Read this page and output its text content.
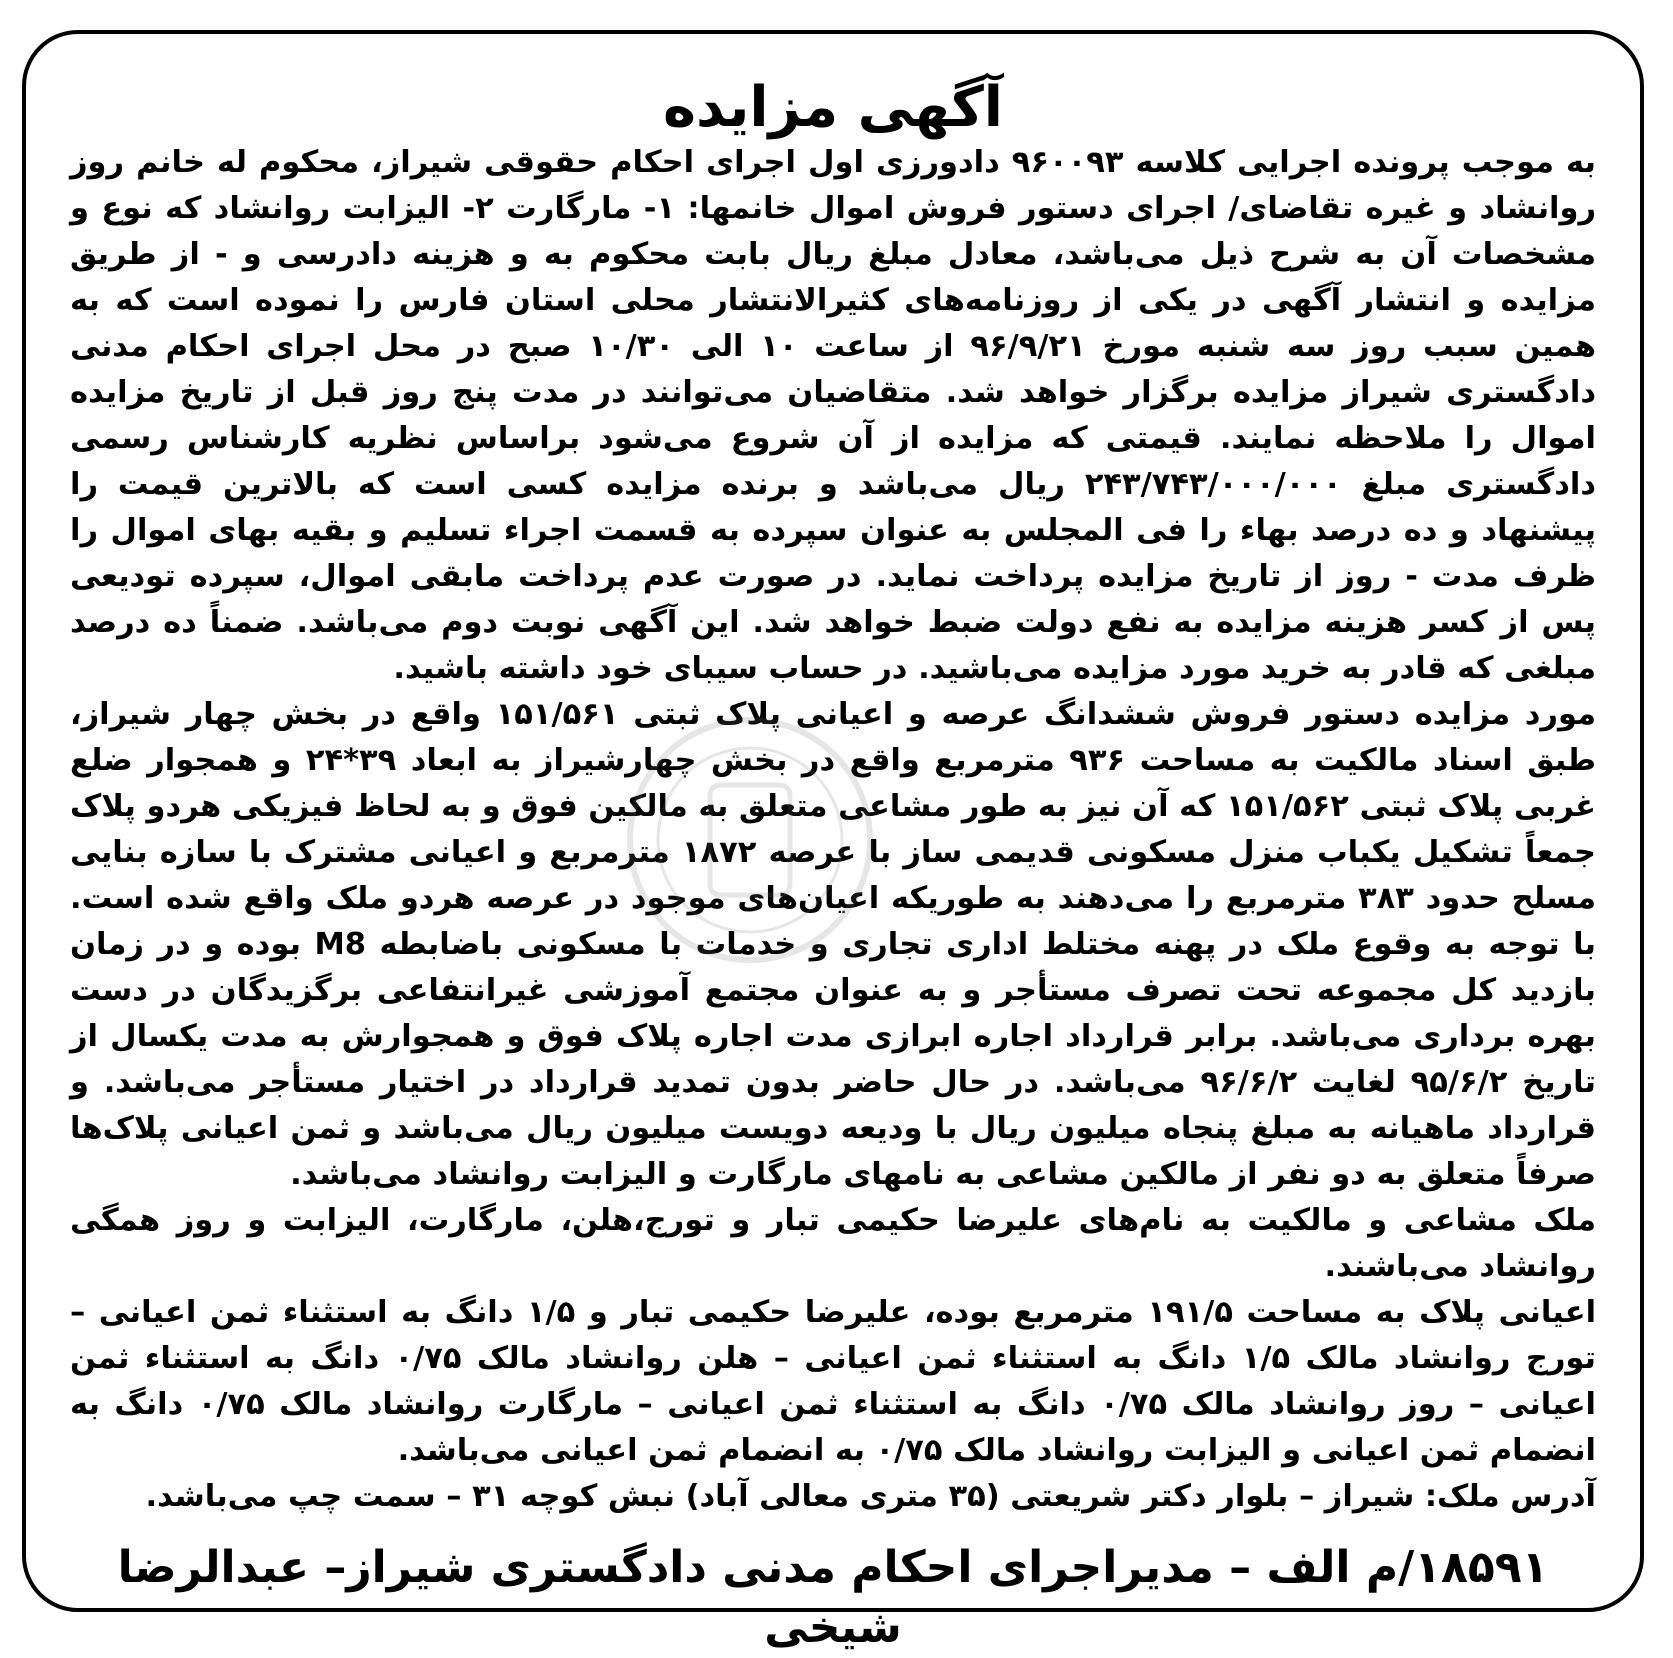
آگهی مزایده

به موجب پرونده اجرایی کلاسه ۹۶۰۰۹۳ دادورزی اول اجرای احکام حقوقی شیراز، محکوم له خانم روز روانشاد و غیره تقاضای/ اجرای دستور فروش اموال خانمها: ۱- مارگارت ۲- الیزابت روانشاد که نوع و مشخصات آن به شرح ذیل می‌باشد، معادل مبلغ ریال بابت محکوم به و هزینه دادرسی و - از طریق مزایده و انتشار آگهی در یکی از روزنامه‌های کثیرالانتشار محلی استان فارس را نموده است که به همین سبب روز سه شنبه مورخ ۹۶/۹/۲۱ از ساعت ۱۰ الی ۱۰/۳۰ صبح در محل اجرای احکام مدنی دادگستری شیراز مزایده برگزار خواهد شد. متقاضیان می‌توانند در مدت پنج روز قبل از تاریخ مزایده اموال را ملاحظه نمایند. قیمتی که مزایده از آن شروع می‌شود براساس نظریه کارشناس رسمی دادگستری مبلغ ۲۴۳/۷۴۳/۰۰۰/۰۰۰ ریال می‌باشد و برنده مزایده کسی است که بالاترین قیمت را پیشنهاد و ده درصد بهاء را فی المجلس به عنوان سپرده به قسمت اجراء تسلیم و بقیه بهای اموال را ظرف مدت - روز از تاریخ مزایده پرداخت نماید. در صورت عدم پرداخت مابقی اموال، سپرده تودیعی پس از کسر هزینه مزایده به نفع دولت ضبط خواهد شد. این آگهی نوبت دوم می‌باشد. ضمناً ده درصد مبلغی که قادر به خرید مورد مزایده می‌باشید. در حساب سیبای خود داشته باشید.

مورد مزایده دستور فروش ششدانگ عرصه و اعیانی پلاک ثبتی ۱۵۱/۵۶۱ واقع در بخش چهار شیراز، طبق اسناد مالکیت به مساحت ۹۳۶ مترمربع واقع در بخش چهارشیراز به ابعاد ۳۹*۲۴ و همجوار ضلع غربی پلاک ثبتی ۱۵۱/۵۶۲ که آن نیز به طور مشاعی متعلق به مالکین فوق و به لحاظ فیزیکی هردو پلاک جمعاً تشکیل یکباب منزل مسکونی قدیمی ساز با عرصه ۱۸۷۲ مترمربع و اعیانی مشترک با سازه بنایی مسلح حدود ۳۸۳ مترمربع را می‌دهند به طوریکه اعیان‌های موجود در عرصه هردو ملک واقع شده است. با توجه به وقوع ملک در پهنه مختلط اداری تجاری و خدمات با مسکونی باضابطه M8 بوده و در زمان بازدید کل مجموعه تحت تصرف مستأجر و به عنوان مجتمع آموزشی غیرانتفاعی برگزیدگان در دست بهره برداری می‌باشد. برابر قرارداد اجاره ابرازی مدت اجاره پلاک فوق و همجوارش به مدت یکسال از تاریخ ۹۵/۶/۲ لغایت ۹۶/۶/۲ می‌باشد. در حال حاضر بدون تمدید قرارداد در اختیار مستأجر می‌باشد. و قرارداد ماهیانه به مبلغ پنجاه میلیون ریال با ودیعه دویست میلیون ریال می‌باشد و ثمن اعیانی پلاک‌ها صرفاً متعلق به دو نفر از مالکین مشاعی به نامهای مارگارت و الیزابت روانشاد می‌باشد.

ملک مشاعی و مالکیت به نام‌های علیرضا حکیمی تبار و تورج،هلن، مارگارت، الیزابت و روز همگی روانشاد می‌باشند.

اعیانی پلاک به مساحت ۱۹۱/۵ مترمربع بوده، علیرضا حکیمی تبار و ۱/۵ دانگ به استثناء ثمن اعیانی – تورج روانشاد مالک ۱/۵ دانگ به استثناء ثمن اعیانی – هلن روانشاد مالک ۰/۷۵ دانگ به استثناء ثمن اعیانی – روز روانشاد مالک ۰/۷۵ دانگ به استثناء ثمن اعیانی – مارگارت روانشاد مالک ۰/۷۵ دانگ به انضمام ثمن اعیانی و الیزابت روانشاد مالک ۰/۷۵ به انضمام ثمن اعیانی می‌باشد.

آدرس ملک: شیراز – بلوار دکتر شریعتی (۳۵ متری معالی آباد) نبش کوچه ۳۱ – سمت چپ می‌باشد.

۱۸۵۹۱/م الف – مدیراجرای احکام مدنی دادگستری شیراز– عبدالرضا شیخی
